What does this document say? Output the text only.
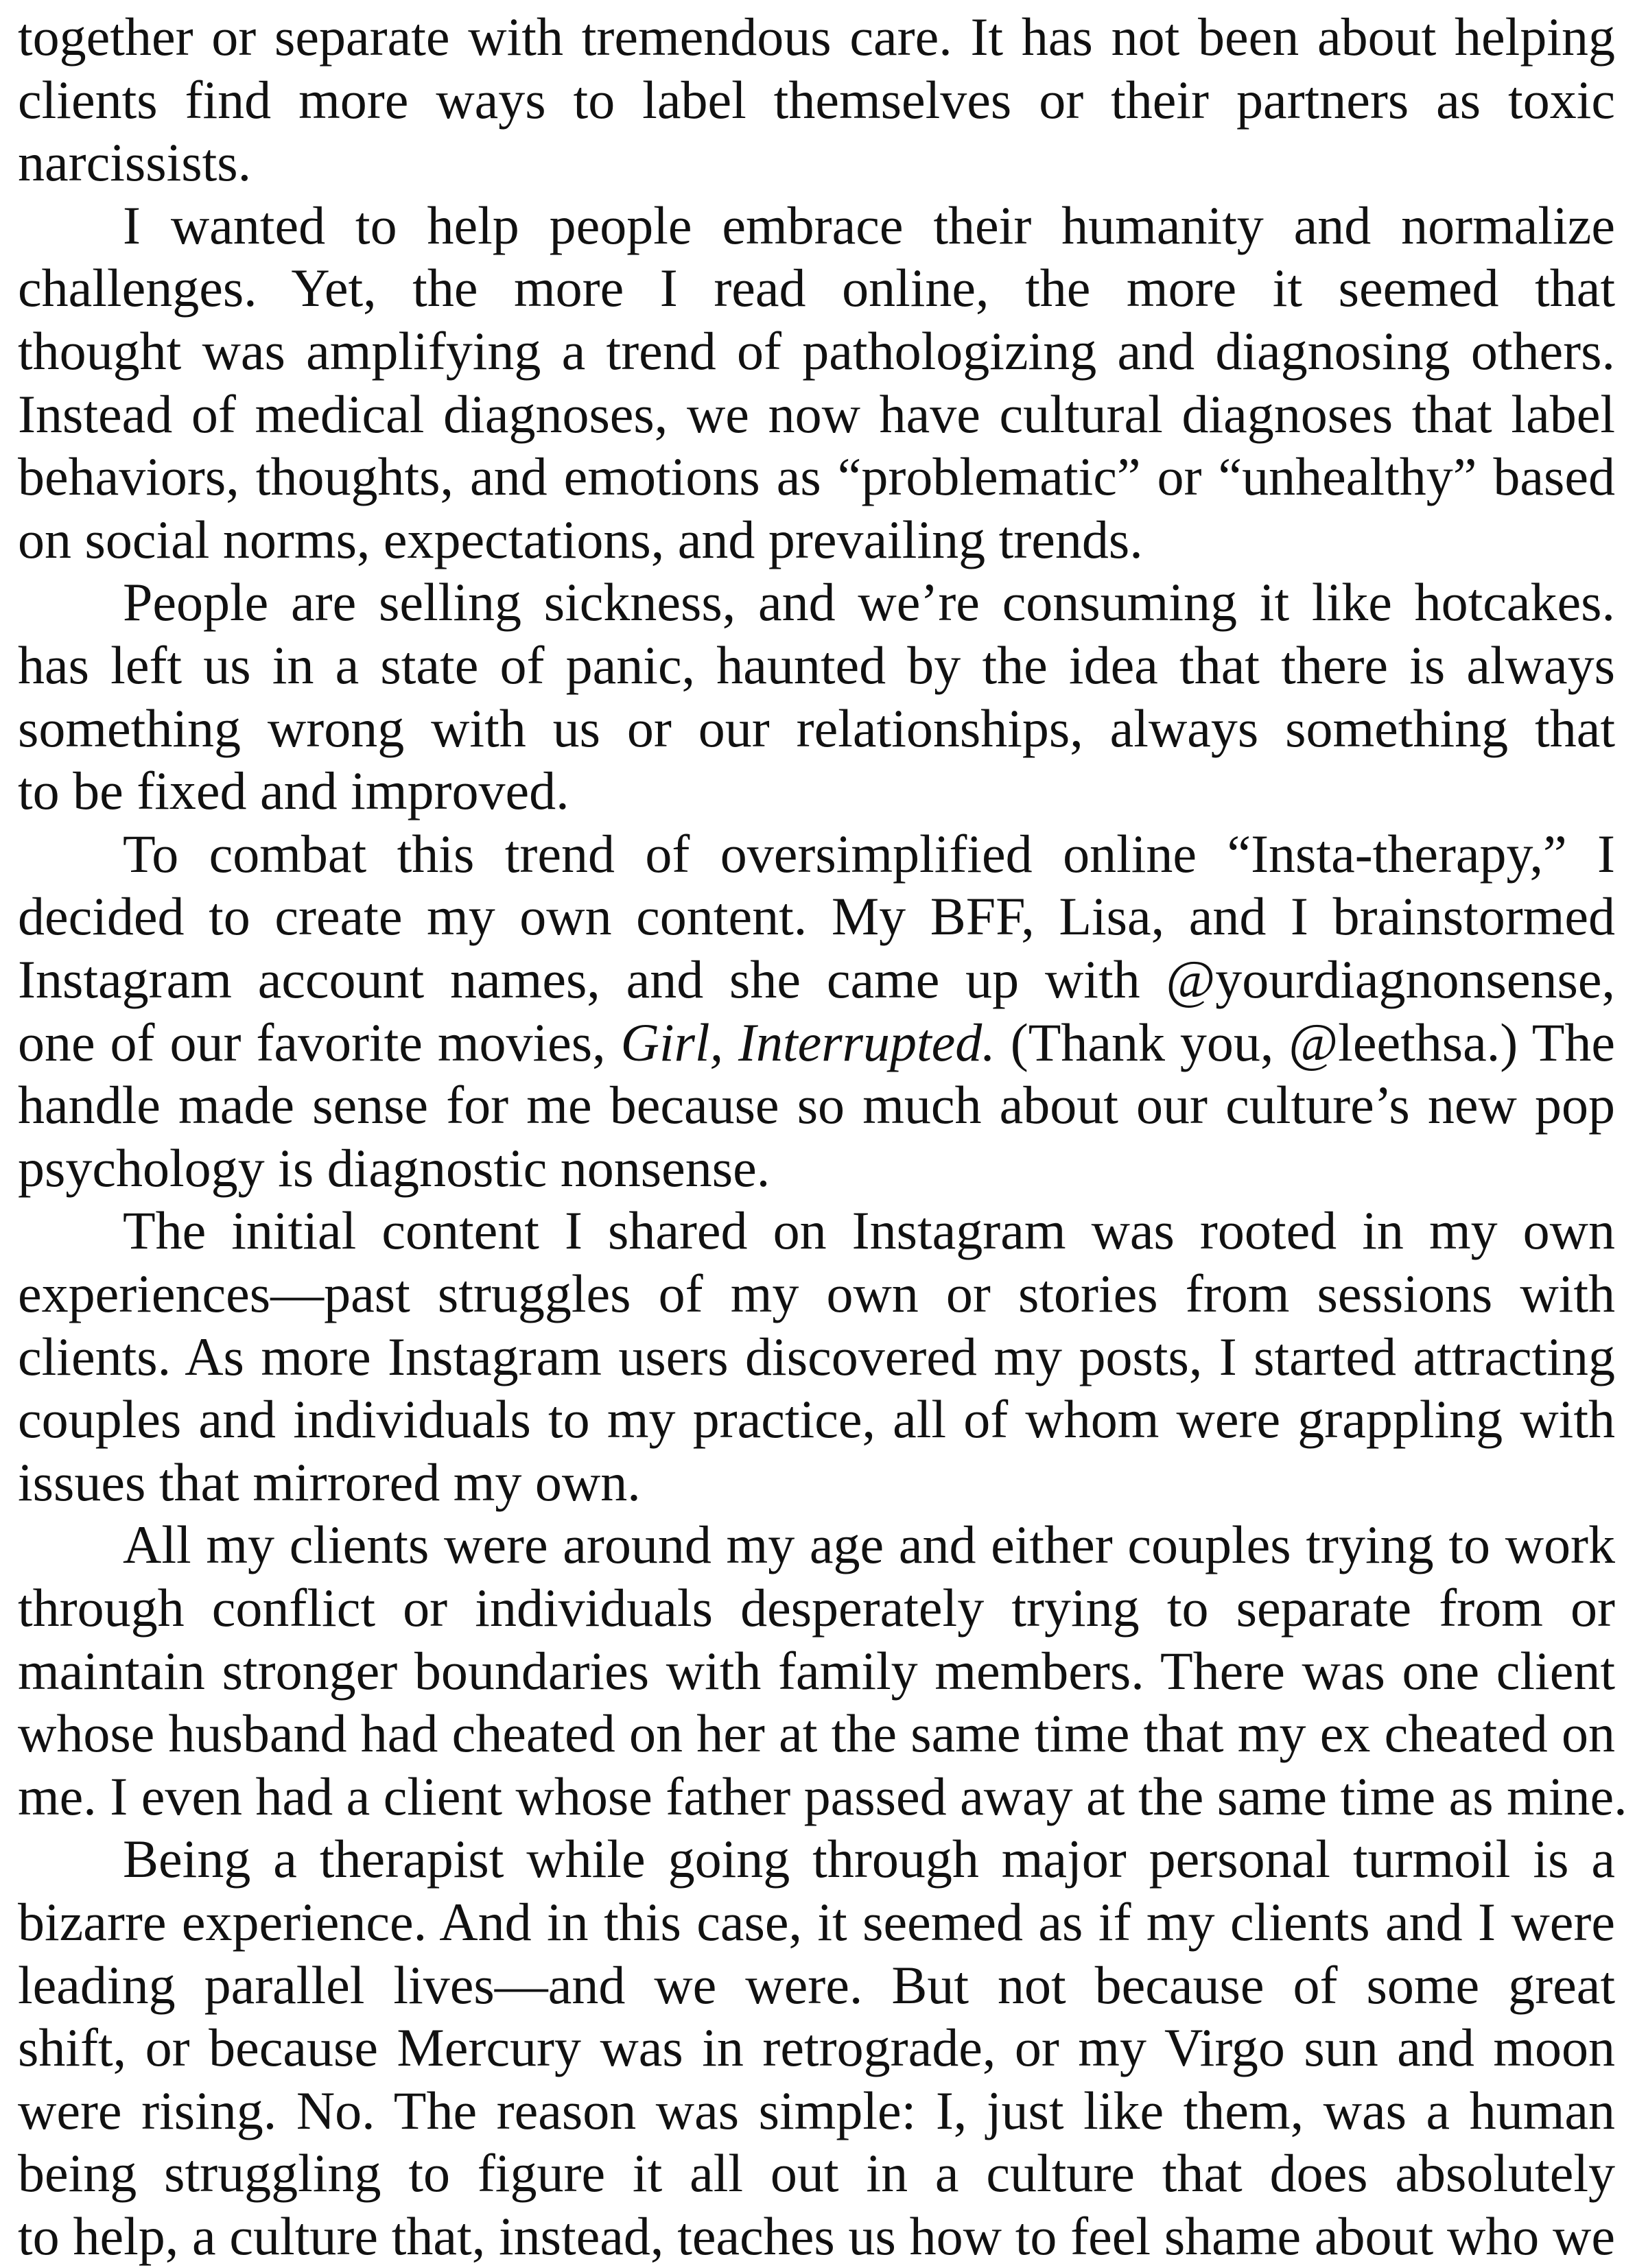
together or separate with tremendous care. It has not been about helping
clients find more ways to label themselves or their partners as toxic
narcissists.
I wanted to help people embrace their humanity and normalize
challenges. Yet, the more I read online, the more it seemed that
thought was amplifying a trend of pathologizing and diagnosing others.
Instead of medical diagnoses, we now have cultural diagnoses that label
behaviors, thoughts, and emotions as “problematic” or “unhealthy” based
on social norms, expectations, and prevailing trends.
People are selling sickness, and we’re consuming it like hotcakes.
has left us in a state of panic, haunted by the idea that there is always
something wrong with us or our relationships, always something that
to be fixed and improved.
To combat this trend of oversimplified online “Insta-therapy,” I
decided to create my own content. My BFF, Lisa, and I brainstormed
Instagram account names, and she came up with @yourdiagnonsense,
one of our favorite movies, Girl, Interrupted. (Thank you, @leethsa.) The
handle made sense for me because so much about our culture’s new pop
psychology is diagnostic nonsense.
The initial content I shared on Instagram was rooted in my own
experiences—past struggles of my own or stories from sessions with
clients. As more Instagram users discovered my posts, I started attracting
couples and individuals to my practice, all of whom were grappling with
issues that mirrored my own.
All my clients were around my age and either couples trying to work
through conflict or individuals desperately trying to separate from or
maintain stronger boundaries with family members. There was one client
whose husband had cheated on her at the same time that my ex cheated on
me. I even had a client whose father passed away at the same time as mine.
Being a therapist while going through major personal turmoil is a
bizarre experience. And in this case, it seemed as if my clients and I were
leading parallel lives—and we were. But not because of some great
shift, or because Mercury was in retrograde, or my Virgo sun and moon
were rising. No. The reason was simple: I, just like them, was a human
being struggling to figure it all out in a culture that does absolutely
to help, a culture that, instead, teaches us how to feel shame about who we
